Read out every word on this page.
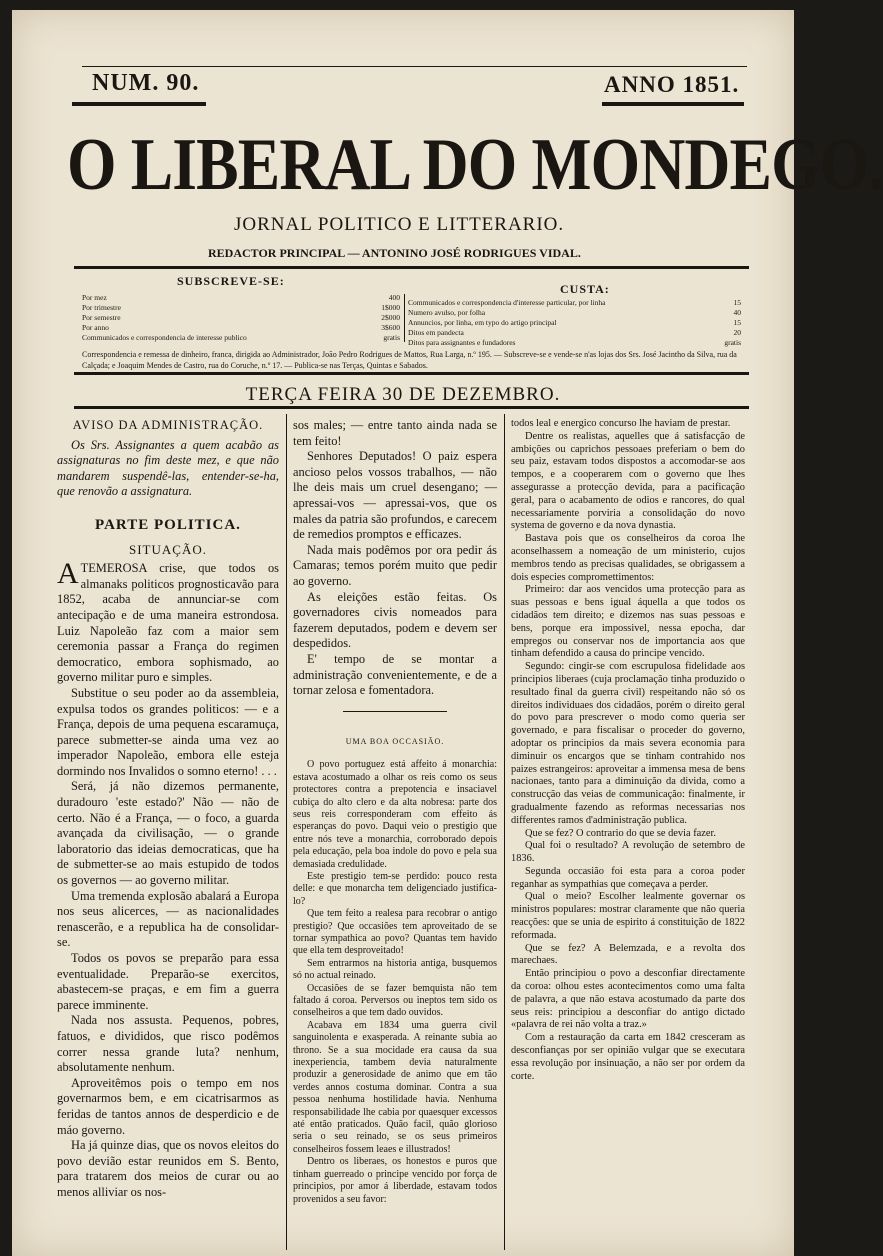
NUM. 90.	ANNO 1851.
O LIBERAL DO MONDEGO.
JORNAL POLITICO E LITTERARIO.
REDACTOR PRINCIPAL — ANTONINO JOSÉ RODRIGUES VIDAL.
SUBSCREVE-SE:
CUSTA:
Por mez	400
Por trimestre	1$000
Por semestre	2$000
Por anno	3$600
Communicados e correspondencia de interesse publico	gratis
Communicados e correspondencia d'interesse particular, por linha	15
Numero avulso, por folha	40
Annuncios, por linha, em typo do artigo principal	15
Ditos em pandecta	20
Ditos para assignantes e fundadores	gratis
Correspondencia e remessa de dinheiro, franca, dirigida ao Administrador, João Pedro Rodrigues de Mattos, Rua Larga, n.º 195. — Subscreve-se e vende-se n'as lojas dos Srs. José Jacintho da Silva, rua da Calçada; e Joaquim Mendes de Castro, rua do Coruche, n.º 17. — Publica-se nas Terças, Quintas e Sabados.
TERÇA FEIRA 30 DE DEZEMBRO.

AVISO DA ADMINISTRAÇÃO.

Os Srs. Assignantes a quem acabão as assignaturas no fim deste mez, e que não mandarem suspendê-las, entender-se-ha, que renovão a assignatura.

PARTE POLITICA.

SITUAÇÃO.

ATEMEROSA crise, que todos os almanaks politicos prognosticavão para 1852, acaba de annunciar-se com antecipação e de uma maneira estrondosa. Luiz Napoleão faz com a maior sem ceremonia passar a França do regimen democratico, embora sophismado, ao governo militar puro e simples.

Substitue o seu poder ao da assembleia, expulsa todos os grandes politicos: — e a França, depois de uma pequena escaramuça, parece submetter-se ainda uma vez ao imperador Napoleão, embora elle esteja dormindo nos Invalidos o somno eterno! . . .

Será, já não dizemos permanente, duradouro 'este estado?' Não — não de certo. Não é a França, — o foco, a guarda avançada da civilisação, — o grande laboratorio das ideias democraticas, que ha de submetter-se ao mais estupido de todos os governos — ao governo militar.

Uma tremenda explosão abalará a Europa nos seus alicerces, — as nacionalidades renascerão, e a republica ha de consolidar-se.

Todos os povos se preparão para essa eventualidade. Preparão-se exercitos, abastecem-se praças, e em fim a guerra parece imminente.

Nada nos assusta. Pequenos, pobres, fatuos, e divididos, que risco podêmos correr nessa grande luta? nenhum, absolutamente nenhum.

Aproveitêmos pois o tempo em nos governarmos bem, e em cicatrisarmos as feridas de tantos annos de desperdicio e de máo governo.

Ha já quinze dias, que os novos eleitos do povo devião estar reunidos em S. Bento, para tratarem dos meios de curar ou ao menos alliviar os nos-

sos males; — entre tanto ainda nada se tem feito!

Senhores Deputados! O paiz espera ancioso pelos vossos trabalhos, — não lhe deis mais um cruel desengano; — apressai-vos — apressai-vos, que os males da patria são profundos, e carecem de remedios promptos e efficazes.

Nada mais podêmos por ora pedir ás Camaras; temos porém muito que pedir ao governo.

As eleições estão feitas. Os governadores civis nomeados para fazerem deputados, podem e devem ser despedidos.

E' tempo de se montar a administração convenientemente, e de a tornar zelosa e fomentadora.

UMA BOA OCCASIÃO.

O povo portuguez está affeito á monarchia: estava acostumado a olhar os reis como os seus protectores contra a prepotencia e insaciavel cubiça do alto clero e da alta nobresa: parte dos seus reis corresponderam com effeito ás esperanças do povo. Daqui veio o prestigio que entre nós teve a monarchia, corroborado depois pela educação, pela boa indole do povo e pela sua demasiada credulidade.

Este prestigio tem-se perdido: pouco resta delle: e que monarcha tem deligenciado justifica-lo?

Que tem feito a realesa para recobrar o antigo prestigio? Que occasiões tem aproveitado de se tornar sympathica ao povo? Quantas tem havido que ella tem desproveitado!

Sem entrarmos na historia antiga, busquemos só no actual reinado.

Occasiões de se fazer bemquista não tem faltado á coroa. Perversos ou ineptos tem sido os conselheiros a que tem dado ouvidos.

Acabava em 1834 uma guerra civil sanguinolenta e exasperada. A reinante subia ao throno. Se a sua mocidade era causa da sua inexperiencia, tambem devia naturalmente produzir a generosidade de animo que em tão verdes annos costuma dominar. Contra a sua pessoa nenhuma hostilidade havia. Nenhuma responsabilidade lhe cabia por quaesquer excessos até então praticados. Quão facil, quão glorioso seria o seu reinado, se os seus primeiros conselheiros fossem leaes e illustrados!

Dentro os liberaes, os honestos e puros que tinham guerreado o principe vencido por força de principios, por amor á liberdade, estavam todos provenidos a seu favor:

todos leal e energico concurso lhe haviam de prestar.

Dentre os realistas, aquelles que á satisfacção de ambições ou caprichos pessoaes preferiam o bem do seu paiz, estavam todos dispostos a accomodar-se aos tempos, e a cooperarem com o governo que lhes assegurasse a protecção devida, para a pacificação geral, para o acabamento de odios e rancores, do qual necessariamente porviria a consolidação do novo systema de governo e da nova dynastia.

Bastava pois que os conselheiros da coroa lhe aconselhassem a nomeação de um ministerio, cujos membros tendo as precisas qualidades, se obrigassem a dois especies compromettimentos:

Primeiro: dar aos vencidos uma protecção para as suas pessoas e bens igual áquella a que todos os cidadãos tem direito; e dizemos nas suas pessoas e bens, porque era impossivel, nessa epocha, dar empregos ou conservar nos de importancia aos que tinham defendido a causa do principe vencido.

Segundo: cingir-se com escrupulosa fidelidade aos principios liberaes (cuja proclamação tinha produzido o resultado final da guerra civil) respeitando não só os direitos individuaes dos cidadãos, porém o direito geral do povo para prescrever o modo como queria ser governado, e para fiscalisar o proceder do governo, adoptar os principios da mais severa economia para diminuir os encargos que se tinham contrahido nos paizes estrangeiros: aproveitar a immensa mesa de bens nacionaes, tanto para a diminuição da divida, como a construcção das veias de communicação: finalmente, ir gradualmente fazendo as reformas necessarias nos differentes ramos d'administração publica.

Que se fez? O contrario do que se devia fazer.

Qual foi o resultado? A revolução de setembro de 1836.

Segunda occasião foi esta para a coroa poder reganhar as sympathias que começava a perder.

Qual o meio? Escolher lealmente governar os ministros populares: mostrar claramente que não queria reacções: que se unia de espirito á constituição de 1822 reformada.

Que se fez? A Belemzada, e a revolta dos marechaes.

Então principiou o povo a desconfiar directamente da coroa: olhou estes acontecimentos como uma falta de palavra, a que não estava acostumado da parte dos seus reis: principiou a desconfiar do antigo dictado «palavra de rei não volta a traz.»

Com a restauração da carta em 1842 cresceram as desconfianças por ser opinião vulgar que se executara essa revolução por insinuação, a não ser por ordem da corte.
